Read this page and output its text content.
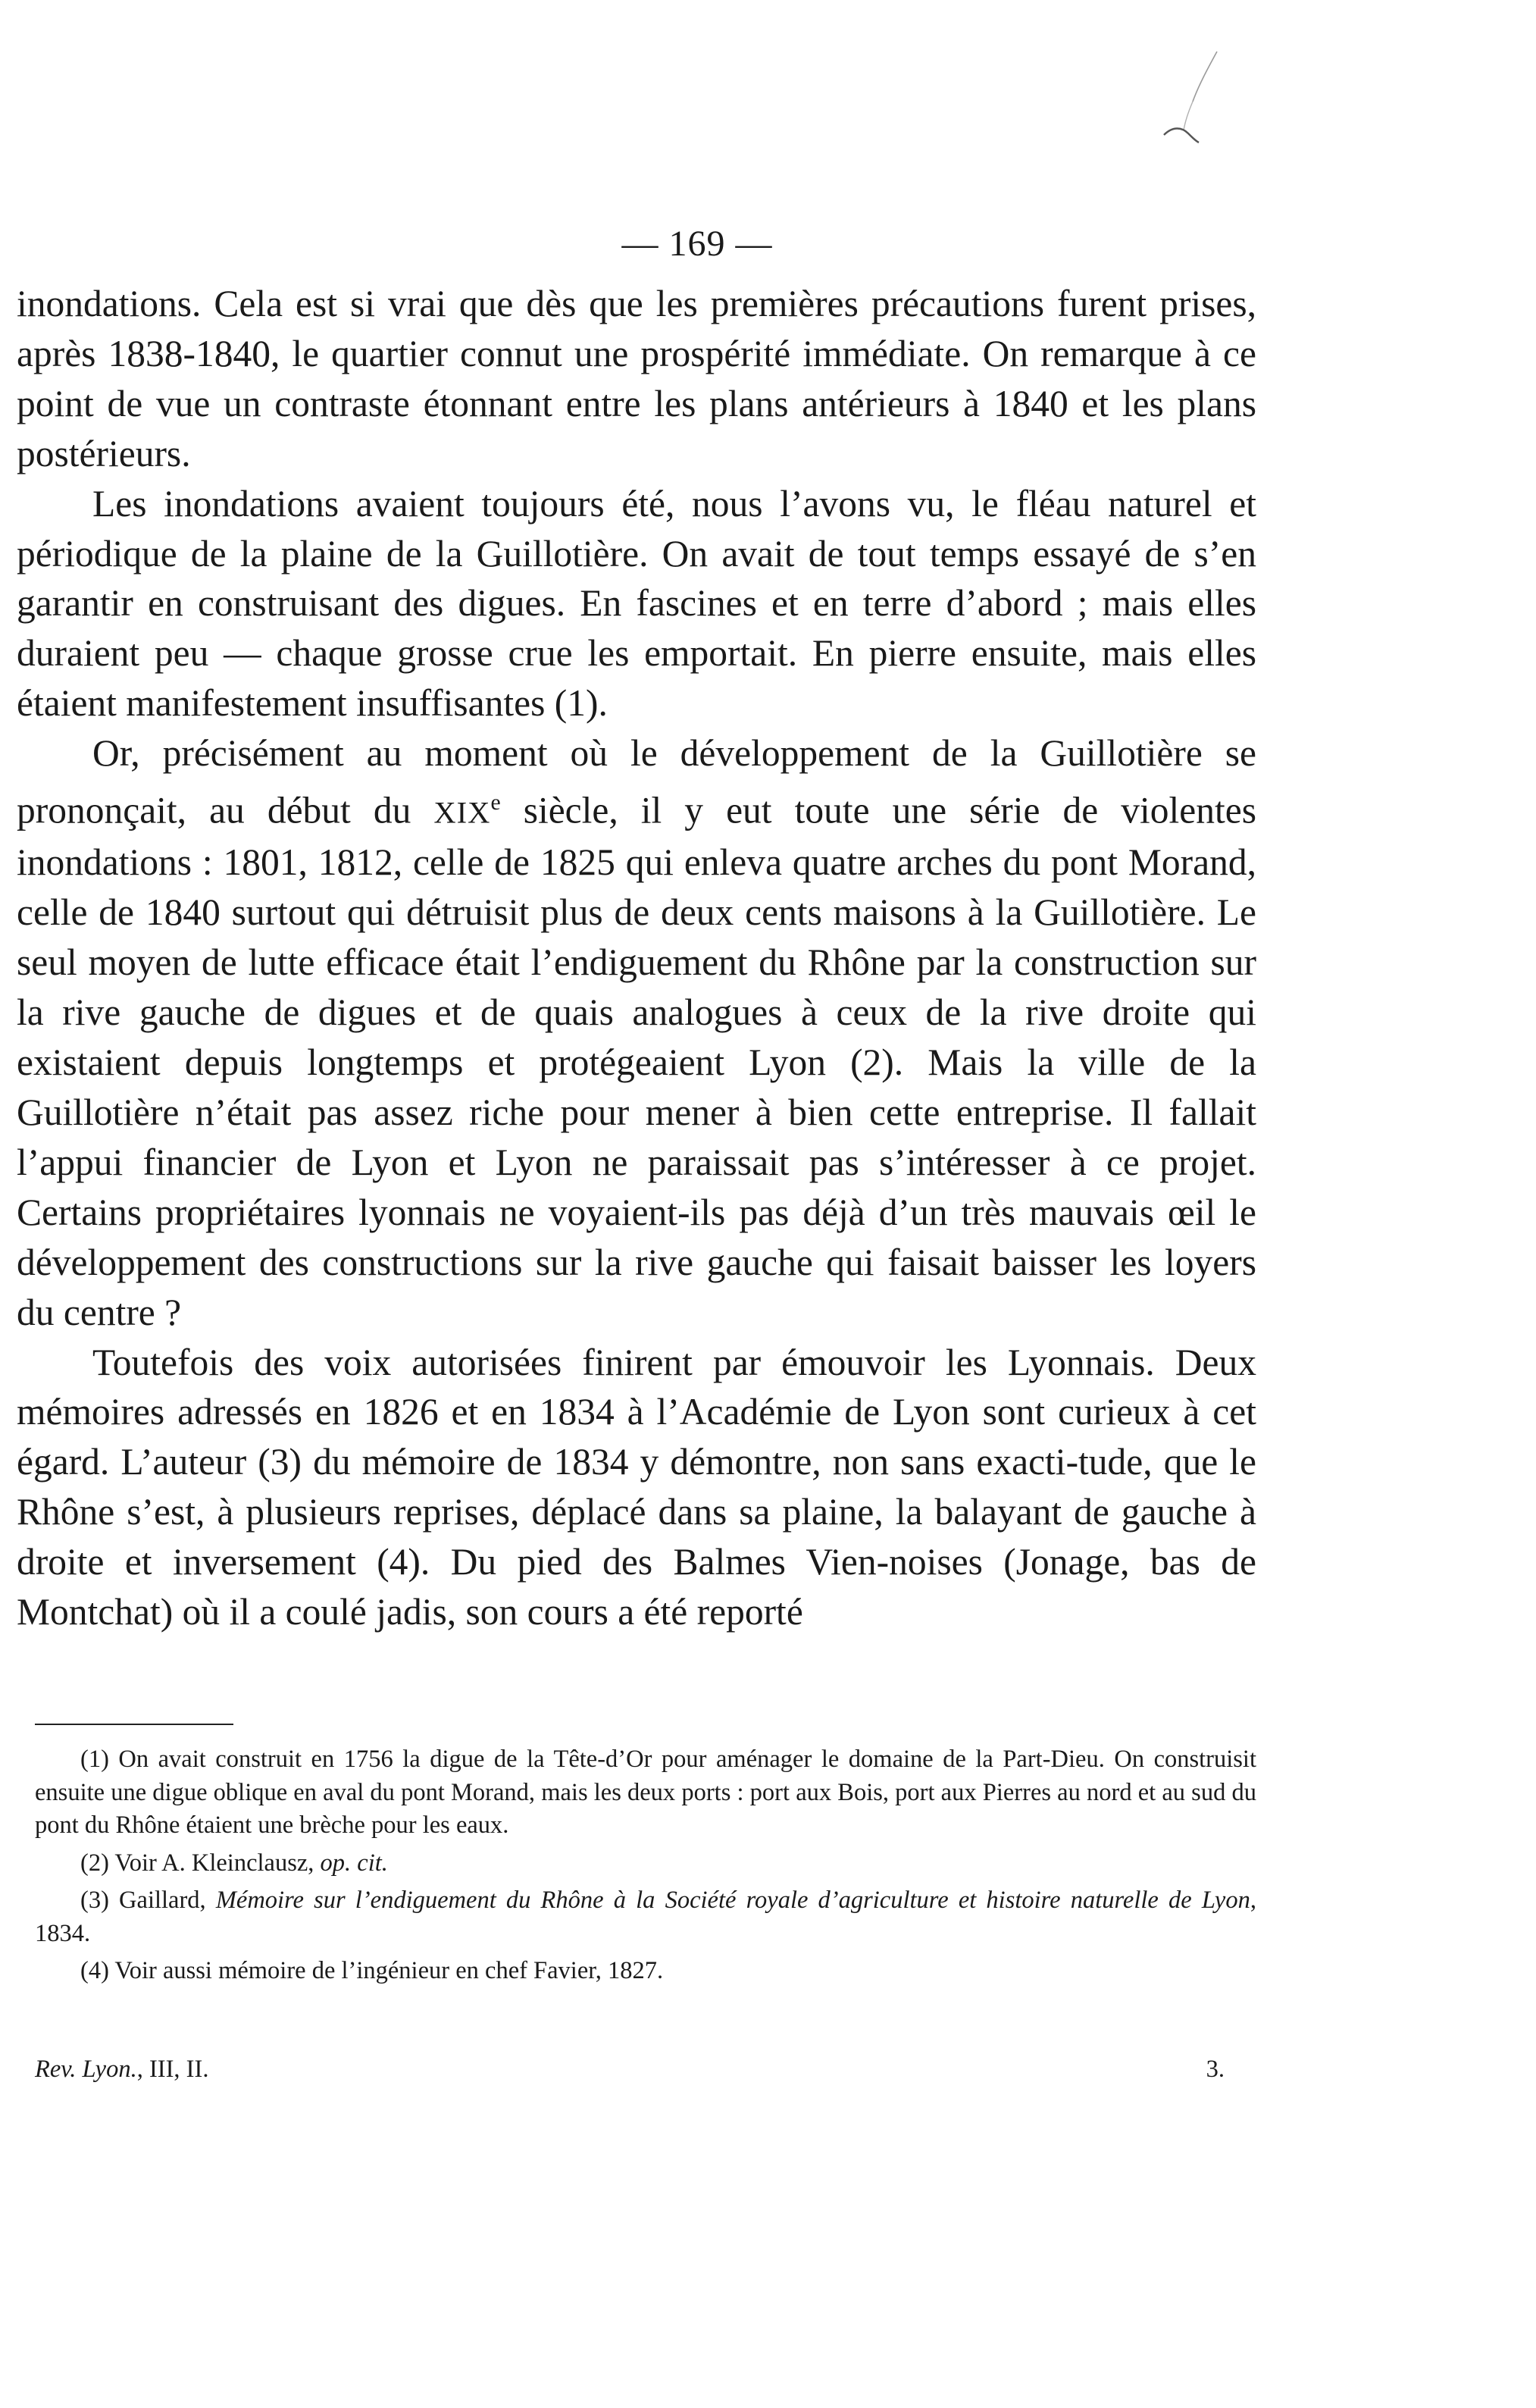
— 169 —

inondations. Cela est si vrai que dès que les premières précautions furent prises, après 1838-1840, le quartier connut une prospérité immédiate. On remarque à ce point de vue un contraste étonnant entre les plans antérieurs à 1840 et les plans postérieurs.

Les inondations avaient toujours été, nous l’avons vu, le fléau naturel et périodique de la plaine de la Guillotière. On avait de tout temps essayé de s’en garantir en construisant des digues. En fascines et en terre d’abord ; mais elles duraient peu — chaque grosse crue les emportait. En pierre ensuite, mais elles étaient manifestement insuffisantes (1).

Or, précisément au moment où le développement de la Guillotière se prononçait, au début du XIXe siècle, il y eut toute une série de violentes inondations : 1801, 1812, celle de 1825 qui enleva quatre arches du pont Morand, celle de 1840 surtout qui détruisit plus de deux cents maisons à la Guillotière. Le seul moyen de lutte efficace était l’endiguement du Rhône par la construction sur la rive gauche de digues et de quais analogues à ceux de la rive droite qui existaient depuis longtemps et protégeaient Lyon (2). Mais la ville de la Guillotière n’était pas assez riche pour mener à bien cette entreprise. Il fallait l’appui financier de Lyon et Lyon ne paraissait pas s’intéresser à ce projet. Certains propriétaires lyonnais ne voyaient-ils pas déjà d’un très mauvais œil le développement des constructions sur la rive gauche qui faisait baisser les loyers du centre ?

Toutefois des voix autorisées finirent par émouvoir les Lyonnais. Deux mémoires adressés en 1826 et en 1834 à l’Académie de Lyon sont curieux à cet égard. L’auteur (3) du mémoire de 1834 y démontre, non sans exacti-tude, que le Rhône s’est, à plusieurs reprises, déplacé dans sa plaine, la balayant de gauche à droite et inversement (4). Du pied des Balmes Vien-noises (Jonage, bas de Montchat) où il a coulé jadis, son cours a été reporté

(1) On avait construit en 1756 la digue de la Tête-d’Or pour aménager le domaine de la Part-Dieu. On construisit ensuite une digue oblique en aval du pont Morand, mais les deux ports : port aux Bois, port aux Pierres au nord et au sud du pont du Rhône étaient une brèche pour les eaux.

(2) Voir A. Kleinclausz, op. cit.

(3) Gaillard, Mémoire sur l’endiguement du Rhône à la Société royale d’agriculture et histoire naturelle de Lyon, 1834.

(4) Voir aussi mémoire de l’ingénieur en chef Favier, 1827.

Rev. Lyon., III, II.	3.
